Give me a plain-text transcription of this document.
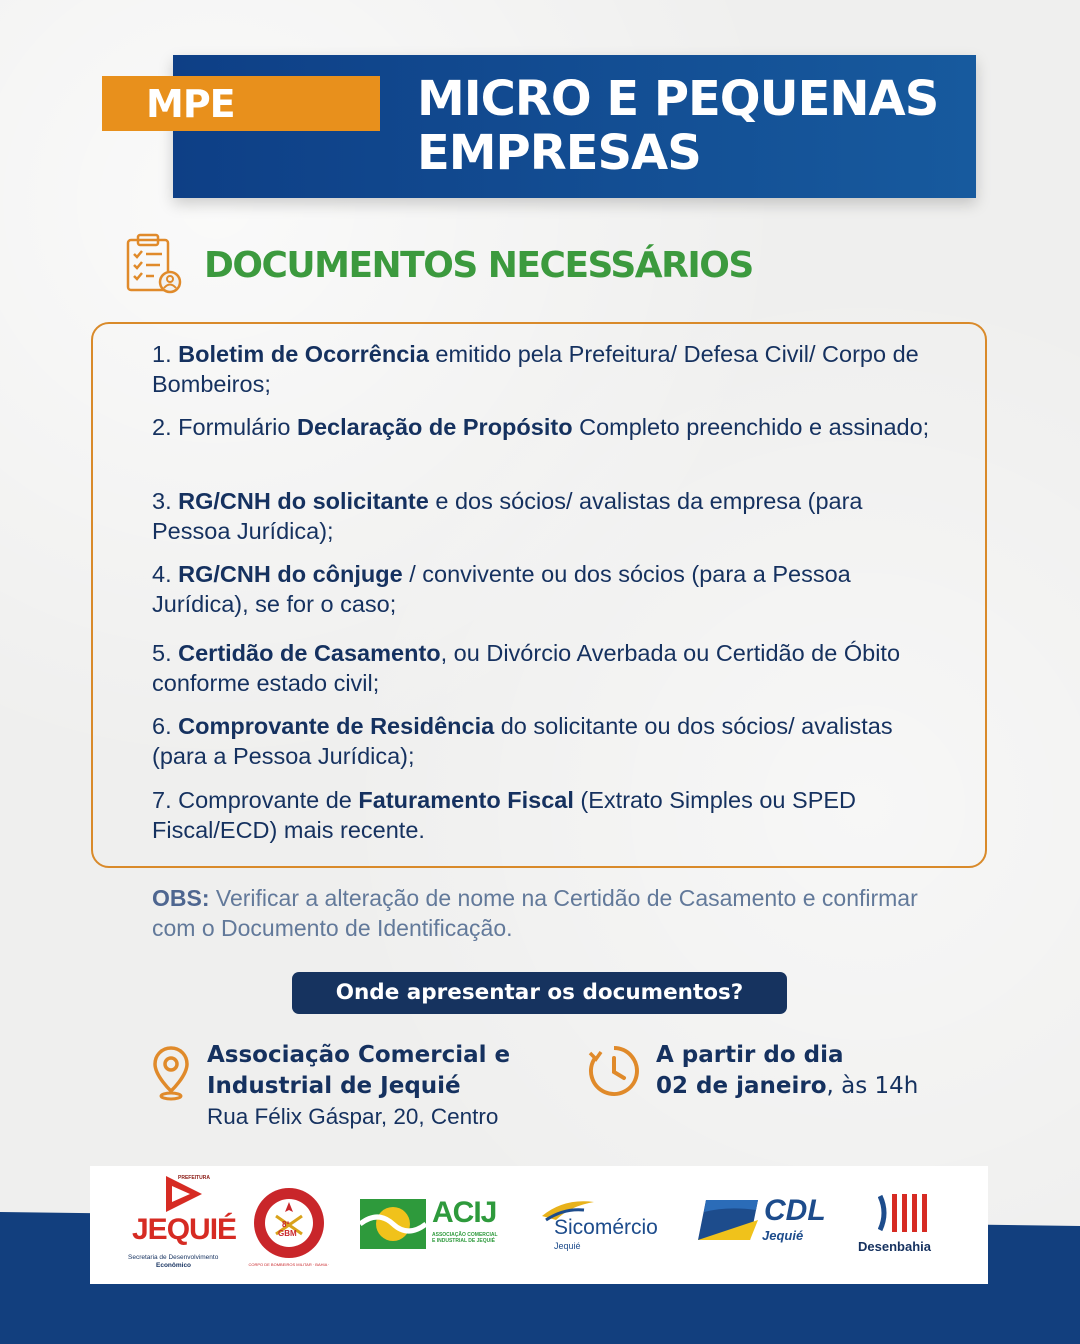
MICRO E PEQUENAS
EMPRESAS
MPE
DOCUMENTOS NECESSÁRIOS
1. Boletim de Ocorrência emitido pela Prefeitura/ Defesa Civil/ Corpo de Bombeiros;
2. Formulário Declaração de Propósito Completo preenchido e assinado;
3. RG/CNH do solicitante e dos sócios/ avalistas da empresa (para Pessoa Jurídica);
4. RG/CNH do cônjuge / convivente ou dos sócios (para a Pessoa Jurídica), se for o caso;
5. Certidão de Casamento, ou Divórcio Averbada ou Certidão de Óbito conforme estado civil;
6. Comprovante de Residência do solicitante ou dos sócios/ avalistas (para a Pessoa Jurídica);
7. Comprovante de Faturamento Fiscal (Extrato Simples ou SPED Fiscal/ECD) mais recente.
OBS: Verificar a alteração de nome na Certidão de Casamento e confirmar com o Documento de Identificação.
Onde apresentar os documentos?
Associação Comercial e
Industrial de Jequié
Rua Félix Gáspar, 20, Centro
A partir do dia
02 de janeiro, às 14h
PREFEITURA
JEQUIÉ
Secretaria de Desenvolvimento
Econômico
8º
GBM
CORPO DE BOMBEIROS MILITAR · BAHIA ·
ACIJ
ASSOCIAÇÃO COMERCIAL
E INDUSTRIAL DE JEQUIÉ
Sicomércio
Jequié
CDL
Jequié
Desenbahia
